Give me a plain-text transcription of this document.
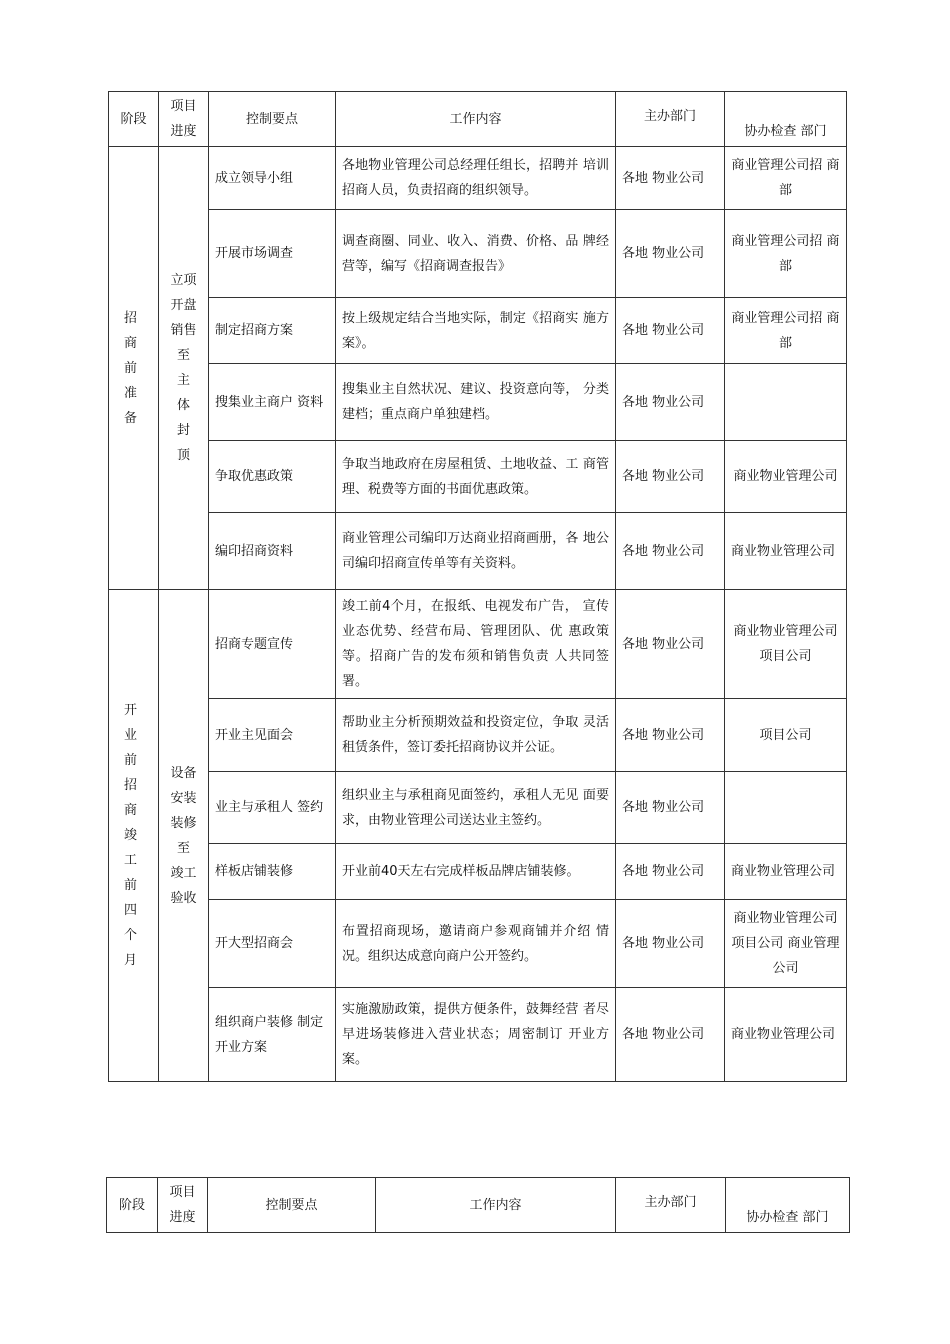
阶段	项目进度	控制要点	工作内容	主办部门	协办检查 部门
招 商 前 准 备	立项 开盘 销售 至 主 体 封 顶	成立领导小组	各地物业管理公司总经理任组长，招聘并 培训招商人员，负责招商的组织领导。	各地 物业公司	商业管理公司招 商部
		开展市场调查	调查商圈、同业、收入、消费、价格、品 牌经营等，编写《招商调查报告》	各地 物业公司	商业管理公司招 商部
		制定招商方案	按上级规定结合当地实际，制定《招商实 施方案》。	各地 物业公司	商业管理公司招 商部
		搜集业主商户 资料	搜集业主自然状况、建议、投资意向等， 分类建档；重点商户单独建档。	各地 物业公司	
		争取优惠政策	争取当地政府在房屋租赁、土地收益、工 商管理、税费等方面的书面优惠政策。	各地 物业公司	商业物业管理公司
		编印招商资料	商业管理公司编印万达商业招商画册，各 地公司编印招商宣传单等有关资料。	各地 物业公司	商业物业管理公司
开 业 前 招 商 竣 工 前 四 个 月	设备 安装 装修 至 竣工 验收	招商专题宣传	竣工前4个月，在报纸、电视发布广告， 宣传业态优势、经营布局、管理团队、优 惠政策等。招商广告的发布须和销售负责 人共同签署。	各地 物业公司	商业物业管理公司 项目公司
		开业主见面会	帮助业主分析预期效益和投资定位，争取 灵活租赁条件，签订委托招商协议并公证。	各地 物业公司	项目公司
		业主与承租人 签约	组织业主与承租商见面签约，承租人无见 面要求，由物业管理公司送达业主签约。	各地 物业公司	
		样板店铺装修	开业前40天左右完成样板品牌店铺装修。	各地 物业公司	商业物业管理公司
		开大型招商会	布置招商现场，邀请商户参观商铺并介绍 情况。组织达成意向商户公开签约。	各地 物业公司	商业物业管理公司 项目公司 商业管理 公司
		组织商户装修 制定开业方案	实施激励政策，提供方便条件，鼓舞经营 者尽早进场装修进入营业状态；周密制订 开业方案。	各地 物业公司	商业物业管理公司
阶段	项目进度	控制要点	工作内容	主办部门	协办检查 部门
